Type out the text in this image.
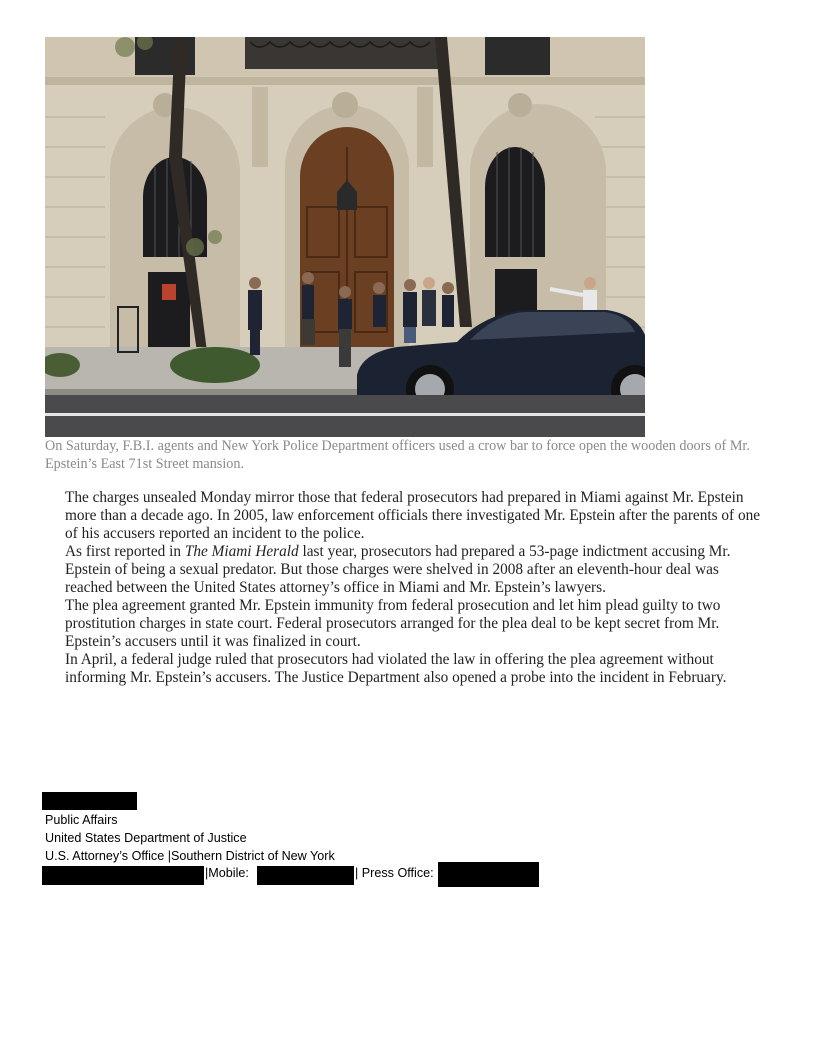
On Saturday, F.B.I. agents and New York Police Department officers used a crow bar to force open the wooden doors of Mr. Epstein’s East 71st Street mansion.

The charges unsealed Monday mirror those that federal prosecutors had prepared in Miami against Mr. Epstein more than a decade ago. In 2005, law enforcement officials there investigated Mr. Epstein after the parents of one of his accusers reported an incident to the police.

As first reported in The Miami Herald last year, prosecutors had prepared a 53-page indictment accusing Mr. Epstein of being a sexual predator. But those charges were shelved in 2008 after an eleventh-hour deal was reached between the United States attorney’s office in Miami and Mr. Epstein’s lawyers.

The plea agreement granted Mr. Epstein immunity from federal prosecution and let him plead guilty to two prostitution charges in state court. Federal prosecutors arranged for the plea deal to be kept secret from Mr. Epstein’s accusers until it was finalized in court.

In April, a federal judge ruled that prosecutors had violated the law in offering the plea agreement without informing Mr. Epstein’s accusers. The Justice Department also opened a probe into the incident in February.

Public Affairs
United States Department of Justice
U.S. Attorney’s Office |Southern District of New York
|Mobile:	| Press Office:
